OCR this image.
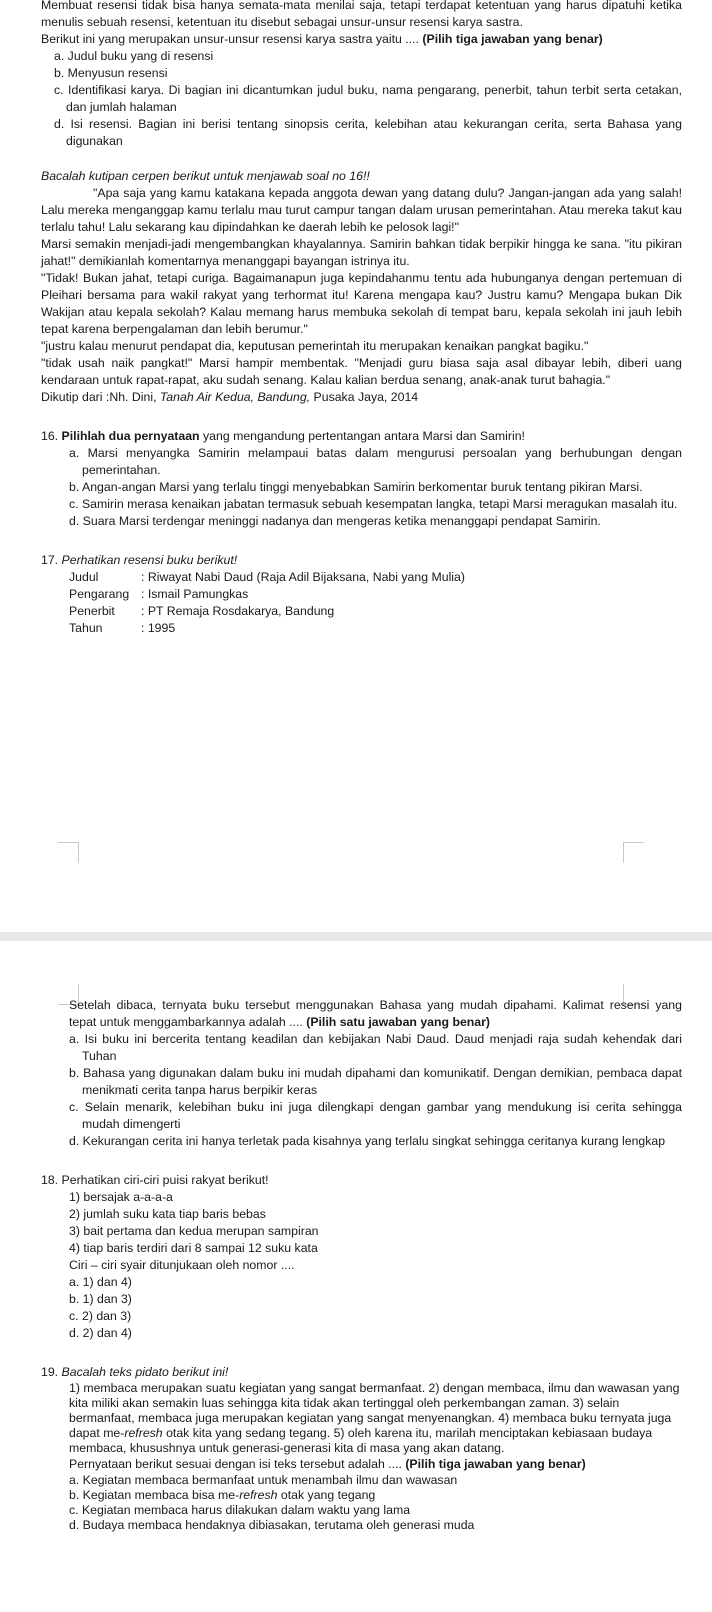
Membuat resensi tidak bisa hanya semata-mata menilai saja, tetapi terdapat ketentuan yang harus dipatuhi ketika menulis sebuah resensi, ketentuan itu disebut sebagai unsur-unsur resensi karya sastra.

Berikut ini yang merupakan unsur-unsur resensi karya sastra yaitu .... (Pilih tiga jawaban yang benar)

a. Judul buku yang di resensi

b. Menyusun resensi

c. Identifikasi karya. Di bagian ini dicantumkan judul buku, nama pengarang, penerbit, tahun terbit serta cetakan, dan jumlah halaman

d. Isi resensi. Bagian ini berisi tentang sinopsis cerita, kelebihan atau kekurangan cerita, serta Bahasa yang digunakan

Bacalah kutipan cerpen berikut untuk menjawab soal no 16!!

"Apa saja yang kamu katakana kepada anggota dewan yang datang dulu? Jangan-jangan ada yang salah! Lalu mereka menganggap kamu terlalu mau turut campur tangan dalam urusan pemerintahan. Atau mereka takut kau terlalu tahu! Lalu sekarang kau dipindahkan ke daerah lebih ke pelosok lagi!"

Marsi semakin menjadi-jadi mengembangkan khayalannya. Samirin bahkan tidak berpikir hingga ke sana. "itu pikiran jahat!" demikianlah komentarnya menanggapi bayangan istrinya itu.

"Tidak! Bukan jahat, tetapi curiga. Bagaimanapun juga kepindahanmu tentu ada hubunganya dengan pertemuan di Pleihari bersama para wakil rakyat yang terhormat itu! Karena mengapa kau? Justru kamu? Mengapa bukan Dik Wakijan atau kepala sekolah? Kalau memang harus membuka sekolah di tempat baru, kepala sekolah ini jauh lebih tepat karena berpengalaman dan lebih berumur."

"justru kalau menurut pendapat dia, keputusan pemerintah itu merupakan kenaikan pangkat bagiku."

"tidak usah naik pangkat!" Marsi hampir membentak. "Menjadi guru biasa saja asal dibayar lebih, diberi uang kendaraan untuk rapat-rapat, aku sudah senang. Kalau kalian berdua senang, anak-anak turut bahagia."

Dikutip dari :Nh. Dini, Tanah Air Kedua, Bandung, Pusaka Jaya, 2014

16. Pilihlah dua pernyataan yang mengandung pertentangan antara Marsi dan Samirin!

a. Marsi menyangka Samirin melampaui batas dalam mengurusi persoalan yang berhubungan dengan pemerintahan.

b. Angan-angan Marsi yang terlalu tinggi menyebabkan Samirin berkomentar buruk tentang pikiran Marsi.

c. Samirin merasa kenaikan jabatan termasuk sebuah kesempatan langka, tetapi Marsi meragukan masalah itu.

d. Suara Marsi terdengar meninggi nadanya dan mengeras ketika menanggapi pendapat Samirin.

17. Perhatikan resensi buku berikut!

Judul	: Riwayat Nabi Daud (Raja Adil Bijaksana, Nabi yang Mulia)
Pengarang : Ismail Pamungkas
Penerbit	: PT Remaja Rosdakarya, Bandung
Tahun	: 1995

Setelah dibaca, ternyata buku tersebut menggunakan Bahasa yang mudah dipahami. Kalimat resensi yang tepat untuk menggambarkannya adalah .... (Pilih satu jawaban yang benar)

a. Isi buku ini bercerita tentang keadilan dan kebijakan Nabi Daud. Daud menjadi raja sudah kehendak dari Tuhan

b. Bahasa yang digunakan dalam buku ini mudah dipahami dan komunikatif. Dengan demikian, pembaca dapat menikmati cerita tanpa harus berpikir keras

c. Selain menarik, kelebihan buku ini juga dilengkapi dengan gambar yang mendukung isi cerita sehingga mudah dimengerti

d. Kekurangan cerita ini hanya terletak pada kisahnya yang terlalu singkat sehingga ceritanya kurang lengkap

18. Perhatikan ciri-ciri puisi rakyat berikut!

1) bersajak a-a-a-a

2) jumlah suku kata tiap baris bebas

3) bait pertama dan kedua merupan sampiran

4) tiap baris terdiri dari 8 sampai 12 suku kata

Ciri – ciri syair ditunjukaan oleh nomor ....

a. 1) dan 4)

b. 1) dan 3)

c. 2) dan 3)

d. 2) dan 4)

19. Bacalah teks pidato berikut ini!

1) membaca merupakan suatu kegiatan yang sangat bermanfaat. 2) dengan membaca, ilmu dan wawasan yang kita miliki akan semakin luas sehingga kita tidak akan tertinggal oleh perkembangan zaman. 3) selain bermanfaat, membaca juga merupakan kegiatan yang sangat menyenangkan. 4) membaca buku ternyata juga dapat me-refresh otak kita yang sedang tegang. 5) oleh karena itu, marilah menciptakan kebiasaan budaya membaca, khusushnya untuk generasi-generasi kita di masa yang akan datang.

Pernyataan berikut sesuai dengan isi teks tersebut adalah .... (Pilih tiga jawaban yang benar)

a. Kegiatan membaca bermanfaat untuk menambah ilmu dan wawasan

b. Kegiatan membaca bisa me-refresh otak yang tegang

c. Kegiatan membaca harus dilakukan dalam waktu yang lama

d. Budaya membaca hendaknya dibiasakan, terutama oleh generasi muda
